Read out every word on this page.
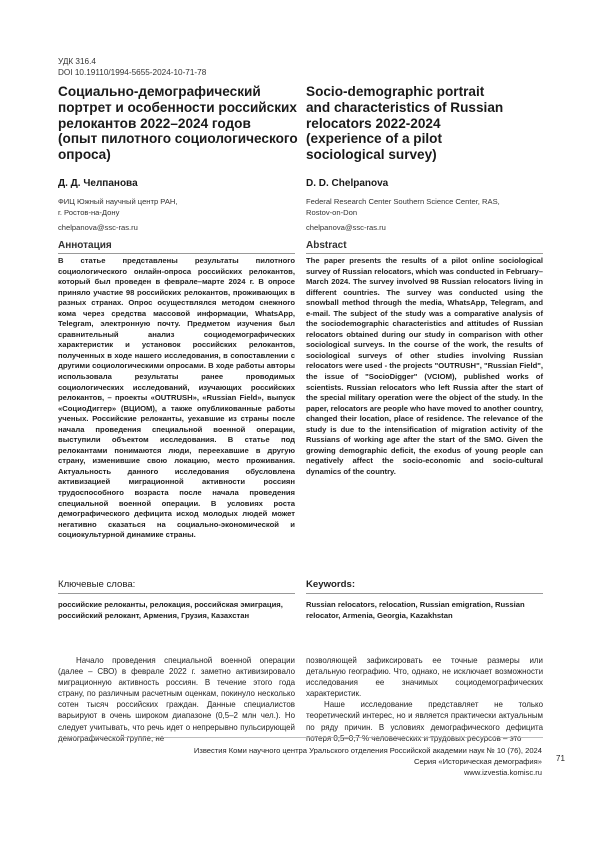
УДК 316.4
DOI 10.19110/1994-5655-2024-10-71-78
Социально-демографический
портрет и особенности российских
релокантов 2022–2024 годов
(опыт пилотного социологического
опроса)
Socio-demographic portrait
and characteristics of Russian
relocators 2022-2024
(experience of a pilot
sociological survey)
Д. Д. Челпанова	D. D. Chelpanova
ФИЦ Южный научный центр РАН,
г. Ростов-на-Дону
Federal Research Center Southern Science Center, RAS,
Rostov-on-Don
chelpanova@ssc-ras.ru	chelpanova@ssc-ras.ru
Аннотация	Abstract
В статье представлены результаты пилотного социологического онлайн-опроса российских релокантов, который был проведен в феврале–марте 2024 г. В опросе приняло участие 98 российских релокантов, проживающих в разных странах. Опрос осуществлялся методом снежного кома через средства массовой информации, WhatsApp, Telegram, электронную почту. Предметом изучения был сравнительный анализ социодемографических характеристик и установок российских релокантов, полученных в ходе нашего исследования, в сопоставлении с другими социологическими опросами. В ходе работы авторы использовала результаты ранее проводимых социологических исследований, изучающих российских релокантов, – проекты «OUTRUSH», «Russian Field», выпуск «СоциоДиггер» (ВЦИОМ), а также опубликованные работы ученых. Российские релоканты, уехавшие из страны после начала проведения специальной военной операции, выступили объектом исследования. В статье под релокантами понимаются люди, переехавшие в другую страну, изменившие свою локацию, место проживания. Актуальность данного исследования обусловлена активизацией миграционной активности россиян трудоспособного возраста после начала проведения специальной военной операции. В условиях роста демографического дефицита исход молодых людей может негативно сказаться на социально-экономической и социокультурной динамике страны.
The paper presents the results of a pilot online sociological survey of Russian relocators, which was conducted in February–March 2024. The survey involved 98 Russian relocators living in different countries. The survey was conducted using the snowball method through the media, WhatsApp, Telegram, and e-mail. The subject of the study was a comparative analysis of the sociodemographic characteristics and attitudes of Russian relocators obtained during our study in comparison with other sociological surveys. In the course of the work, the results of sociological surveys of other studies involving Russian relocators were used - the projects "OUTRUSH", "Russian Field", the issue of "SocioDigger" (VCIOM), published works of scientists. Russian relocators who left Russia after the start of the special military operation were the object of the study. In the paper, relocators are people who have moved to another country, changed their location, place of residence. The relevance of the study is due to the intensification of migration activity of the Russians of working age after the start of the SMO. Given the growing demographic deficit, the exodus of young people can negatively affect the socio-economic and socio-cultural dynamics of the country.
Ключевые слова:	Keywords:
российские релоканты, релокация, российская эмиграция, российский релокант, Армения, Грузия, Казахстан
Russian relocators, relocation, Russian emigration, Russian relocator, Armenia, Georgia, Kazakhstan

Начало проведения специальной военной операции (далее – СВО) в феврале 2022 г. заметно активизировало миграционную активность россиян. В течение этого года страну, по различным расчетным оценкам, покинуло несколько сотен тысяч российских граждан. Данные специалистов варьируют в очень широком диапазоне (0,5–2 млн чел.). Но следует учитывать, что речь идет о непрерывно пульсирующей демографической группе, не

позволяющей зафиксировать ее точные размеры или детальную географию. Что, однако, не исключает возможности исследования ее значимых социодемографических характеристик.

Наше исследование представляет не только теоретический интерес, но и является практически актуальным по ряду причин. В условиях демографического дефицита потеря 0,5–0,7 % человеческих и трудовых ресурсов – это

Известия Коми научного центра Уральского отделения Российской академии наук № 10 (76), 2024
Серия «Историческая демография»
www.izvestia.komisc.ru
71
